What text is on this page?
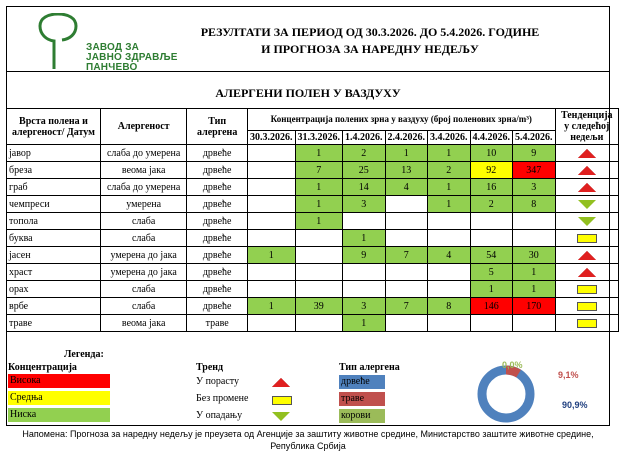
ЗАВОД ЗА
ЈАВНО ЗДРАВЉЕ
ПАНЧЕВО
РЕЗУЛТАТИ ЗА ПЕРИОД ОД 30.3.2026. ДО 5.4.2026. ГОДИНЕ
И ПРОГНОЗА ЗА НАРЕДНУ НЕДЕЉУ
АЛЕРГЕНИ ПОЛЕН У ВАЗДУХУ
Врста полена и алергеност/ Датум	Алергеност	Тип алергена	Концентрација полених зрна у ваздуху (број поленових зрна/m³)							Тенденција у следећој недељи
			30.3.2026.	31.3.2026.	1.4.2026.	2.4.2026.	3.4.2026.	4.4.2026.	5.4.2026.	
јавор	слаба до умерена	дрвеће		1	2	1	1	10	9	

бреза	веома јака	дрвеће		7	25	13	2	92	347	

граб	слаба до умерена	дрвеће		1	14	4	1	16	3	

чемпреси	умерена	дрвеће		1	3		1	2	8	

топола	слаба	дрвеће		1						

буква	слаба	дрвеће			1					

јасен	умерена до јака	дрвеће	1		9	7	4	54	30	

храст	умерена до јака	дрвеће						5	1	

орах	слаба	дрвеће						1	1	

врбе	слаба	дрвеће	1	39	3	7	8	146	170	

траве	веома јака	траве			1					
Легенда:
Концентрација
Висока
Средња
Ниска
Тренд
У порасту
Без промене
У опадању
Тип алергена
дрвеће
траве
корови
0,0%
9,1%
90,9%
Напомена: Прогноза за наредну недељу је преузета од Агенције за заштиту животне средине, Министарство заштите животне средине, Република Србија
